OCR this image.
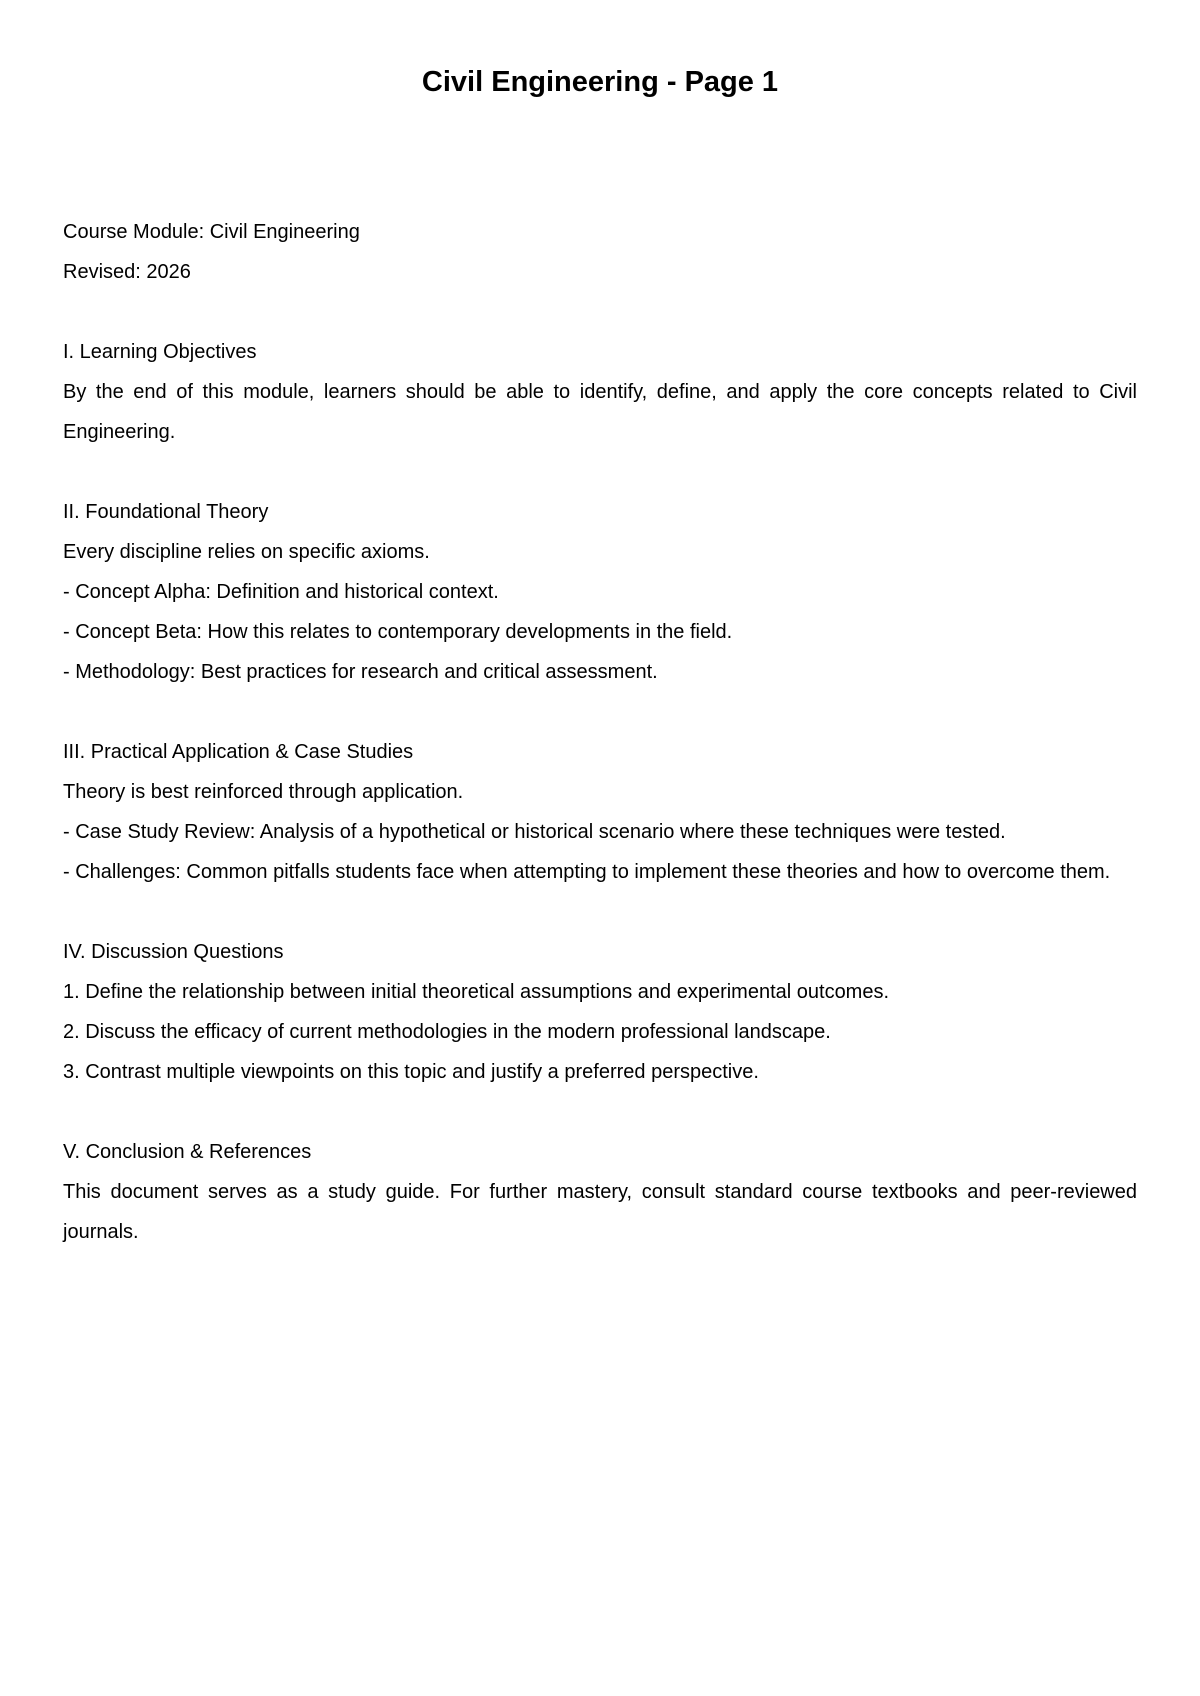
Civil Engineering - Page 1

Course Module: Civil Engineering

Revised: 2026

I. Learning Objectives

By the end of this module, learners should be able to identify, define, and apply the core concepts related to Civil Engineering.

II. Foundational Theory

Every discipline relies on specific axioms.

- Concept Alpha: Definition and historical context.

- Concept Beta: How this relates to contemporary developments in the field.

- Methodology: Best practices for research and critical assessment.

III. Practical Application & Case Studies

Theory is best reinforced through application.

- Case Study Review: Analysis of a hypothetical or historical scenario where these techniques were tested.

- Challenges: Common pitfalls students face when attempting to implement these theories and how to overcome them.

IV. Discussion Questions

1. Define the relationship between initial theoretical assumptions and experimental outcomes.

2. Discuss the efficacy of current methodologies in the modern professional landscape.

3. Contrast multiple viewpoints on this topic and justify a preferred perspective.

V. Conclusion & References

This document serves as a study guide. For further mastery, consult standard course textbooks and peer-reviewed journals.
